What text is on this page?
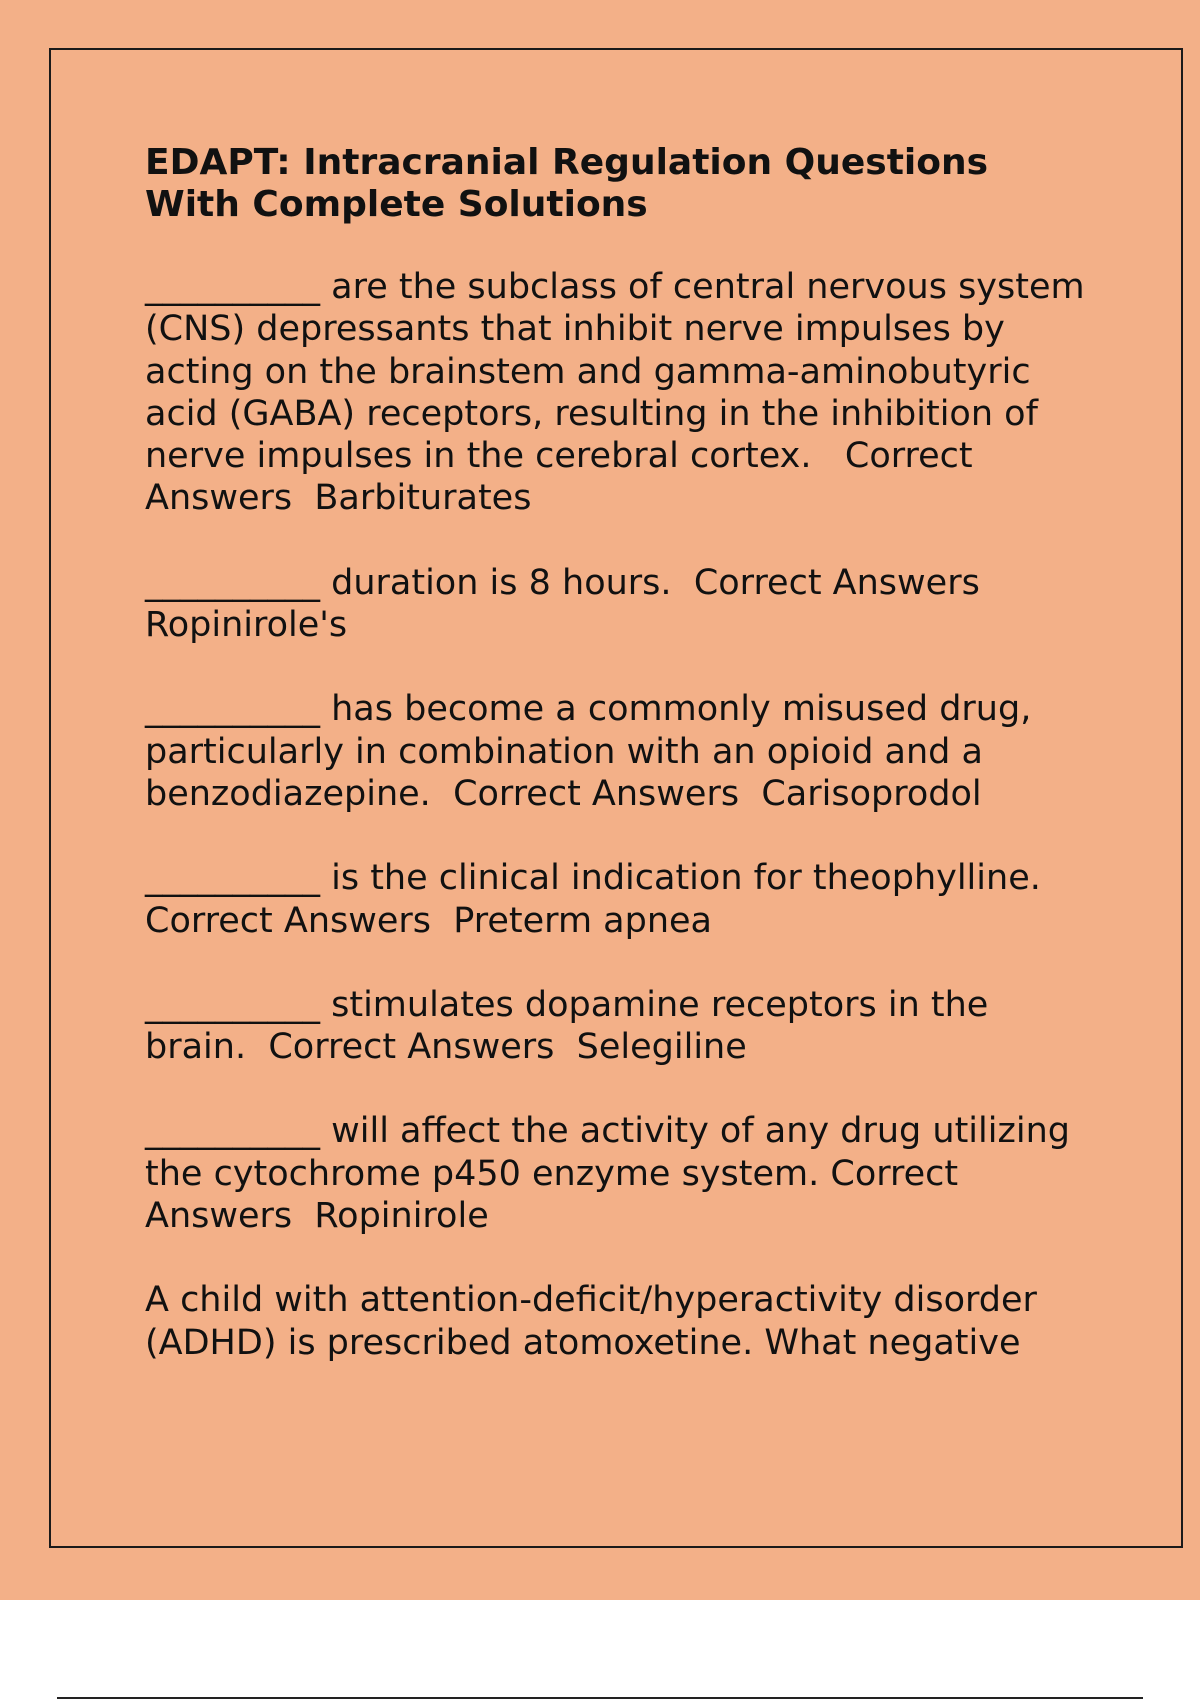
EDAPT: Intracranial Regulation Questions
With Complete Solutions

__________ are the subclass of central nervous system (CNS) depressants that inhibit nerve impulses by acting on the brainstem and gamma-aminobutyric acid (GABA) receptors, resulting in the inhibition of nerve impulses in the cerebral cortex. Correct Answers Barbiturates

__________ duration is 8 hours. Correct Answers  Ropinirole's

__________ has become a commonly misused drug, particularly in combination with an opioid and a benzodiazepine. Correct Answers Carisoprodol

__________ is the clinical indication for theophylline. Correct Answers Preterm apnea

__________ stimulates dopamine receptors in the brain. Correct Answers Selegiline

__________ will affect the activity of any drug utilizing the cytochrome p450 enzyme system. Correct Answers Ropinirole

A child with attention-deficit/hyperactivity disorder (ADHD) is prescribed atomoxetine. What negative
